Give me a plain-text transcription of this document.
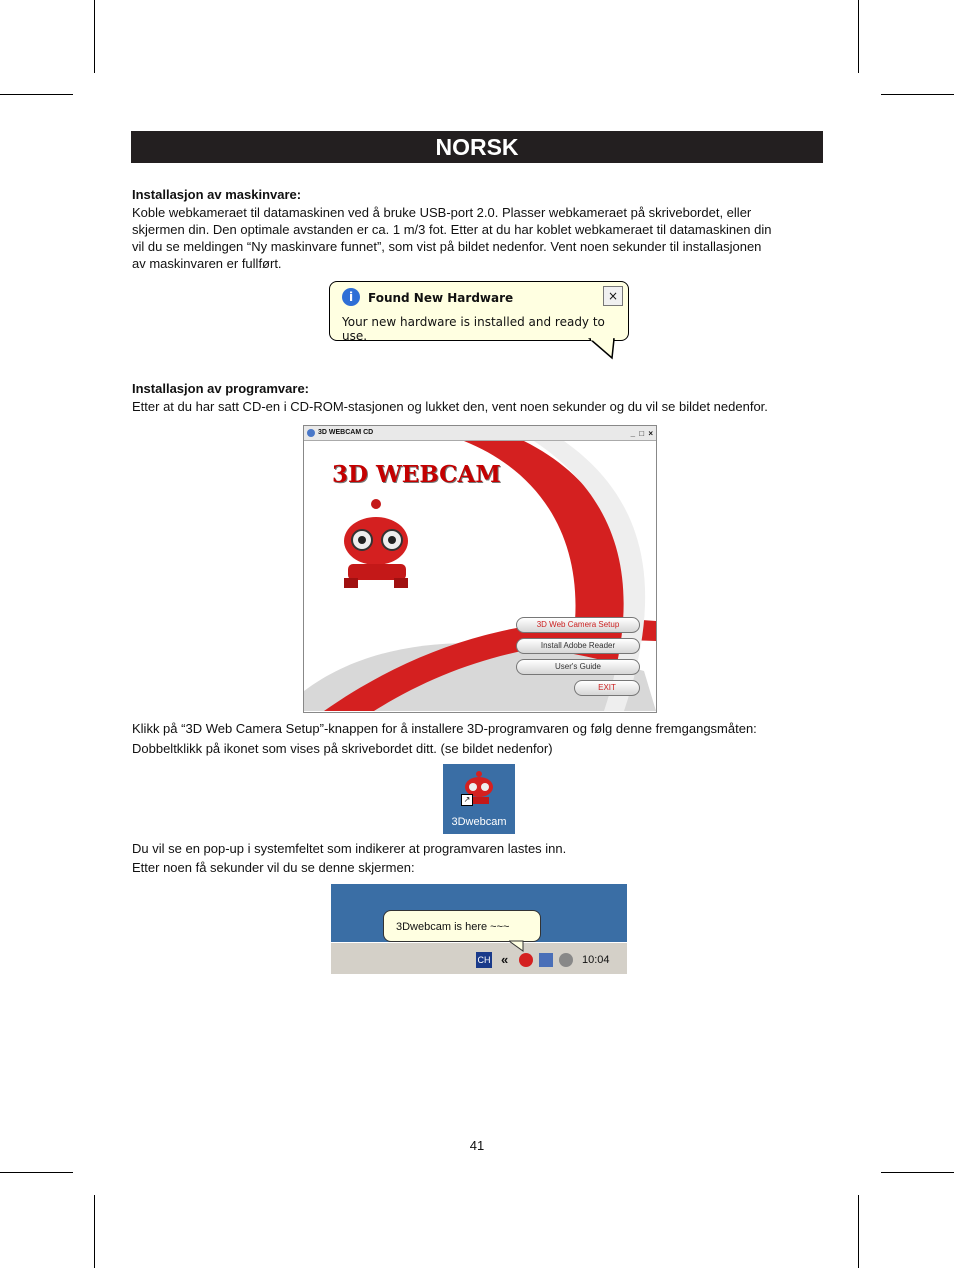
NORSK
Installasjon av maskinvare:
Koble webkameraet til datamaskinen ved å bruke USB-port 2.0. Plasser webkameraet på skrivebordet, eller
skjermen din. Den optimale avstanden er ca. 1 m/3 fot. Etter at du har koblet webkameraet til datamaskinen din
vil du se meldingen “Ny maskinvare funnet”, som vist på bildet nedenfor. Vent noen sekunder til installasjonen
av maskinvaren er fullført.
i	Found New Hardware	×
Your new hardware is installed and ready to use.
Installasjon av programvare:
Etter at du har satt CD-en i CD-ROM-stasjonen og lukket den, vent noen sekunder og du vil se bildet nedenfor.
3D WEBCAM CD	_ □ ×
3D WEBCAM
3D Web Camera Setup
Install Adobe Reader
User's Guide
EXIT
Klikk på “3D Web Camera Setup”-knappen for å installere 3D-programvaren og følg denne fremgangsmåten:
Dobbeltklikk på ikonet som vises på skrivebordet ditt. (se bildet nedenfor)
↗
3Dwebcam
Du vil se en pop-up i systemfeltet som indikerer at programvaren lastes inn.
Etter noen få sekunder vil du se denne skjermen:
3Dwebcam is here ~~~
CH «	10:04
41
